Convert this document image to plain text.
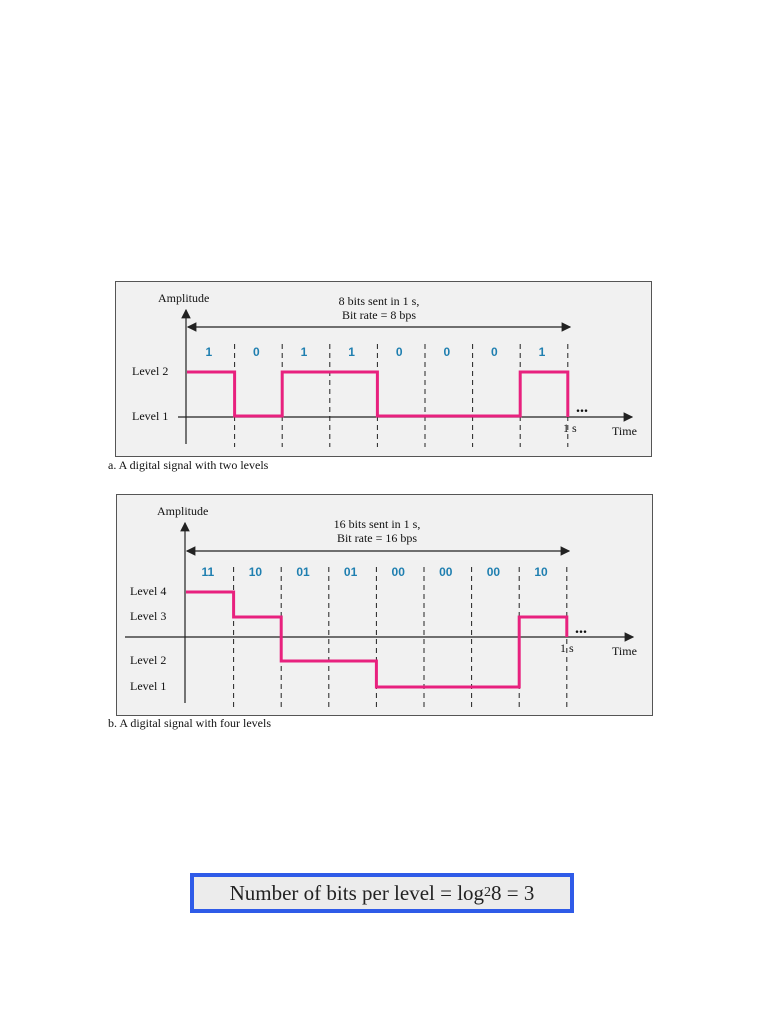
Amplitude	8 bits sent in 1 s,
Bit rate = 8 bps
Level 2
Level 1
1	0	1	1	0	0	0	1
1 s	Time
...
a. A digital signal with two levels
Amplitude
16 bits sent in 1 s,
Bit rate = 16 bps
Level 4
Level 3
Level 2
Level 1
11	10	01	01	00	00	00	10
1 s	Time
...
b. A digital signal with four levels
Number of bits per level = log 2 8 = 3
